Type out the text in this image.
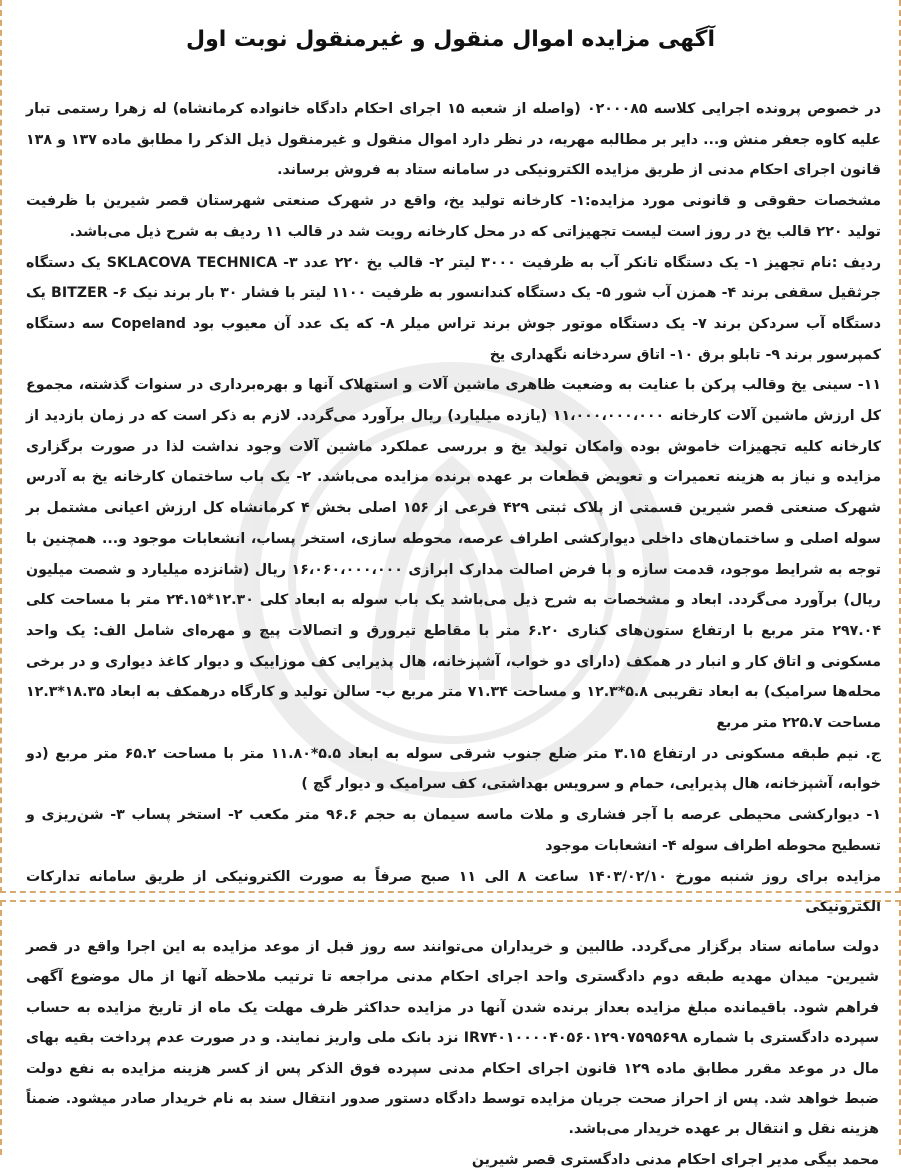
آگهی مزایده اموال منقول و غیرمنقول نوبت اول

در خصوص پرونده اجرایی کلاسه ۰۲۰۰۰۸۵ (واصله از شعبه ۱۵ اجرای احکام دادگاه خانواده کرمانشاه) له زهرا رستمی تبار علیه کاوه جعفر منش و... دایر بر مطالبه مهریه، در نظر دارد اموال منقول و غیرمنقول ذیل الذکر را مطابق ماده ۱۳۷ و ۱۳۸ قانون اجرای احکام مدنی از طریق مزایده الکترونیکی در سامانه ستاد به فروش برساند.

مشخصات حقوقی و قانونی مورد مزایده:۱- کارخانه تولید یخ، واقع در شهرک صنعتی شهرستان قصر شیرین با ظرفیت تولید ۲۲۰ قالب یخ در روز است لیست تجهیزاتی که در محل کارخانه رویت شد در قالب ۱۱ ردیف به شرح ذیل می‌باشد.

ردیف :نام تجهیز ۱- یک دستگاه تانکر آب به ظرفیت ۳۰۰۰ لیتر ۲- قالب یخ ۲۲۰ عدد ۳- SKLACOVA TECHNICA یک دستگاه جرثقیل سقفی برند ۴- همزن آب شور ۵- یک دستگاه کندانسور به ظرفیت ۱۱۰۰ لیتر با فشار ۳۰ بار برند نیک ۶- BITZER یک دستگاه آب سردکن برند ۷- یک دستگاه موتور جوش برند تراس میلر ۸- که یک عدد آن معیوب بود Copeland سه دستگاه کمپرسور برند ۹- تابلو برق ۱۰- اتاق سردخانه نگهداری یخ

۱۱- سینی یخ وقالب پرکن با عنایت به وضعیت ظاهری ماشین آلات و استهلاک آنها و بهره‌برداری در سنوات گذشته، مجموع کل ارزش ماشین آلات کارخانه ۱۱،۰۰۰،۰۰۰،۰۰۰ (یازده میلیارد) ریال برآورد می‌گردد. لازم به ذکر است که در زمان بازدید از کارخانه کلیه تجهیزات خاموش بوده وامکان تولید یخ و بررسی عملکرد ماشین آلات وجود نداشت لذا در صورت برگزاری مزایده و نیاز به هزینه تعمیرات و تعویض قطعات بر عهده برنده مزایده می‌باشد. ۲- یک باب ساختمان کارخانه یخ به آدرس شهرک صنعتی قصر شیرین قسمتی از پلاک ثبتی ۴۲۹ فرعی از ۱۵۶ اصلی بخش ۴ کرمانشاه کل ارزش اعیانی مشتمل بر سوله اصلی و ساختمان‌های داخلی دیوارکشی اطراف عرصه، محوطه سازی، استخر پساب، انشعابات موجود و... همچنین با توجه به شرایط موجود، قدمت سازه و با فرض اصالت مدارک ابرازی ۱۶،۰۶۰،۰۰۰،۰۰۰ ریال (شانزده میلیارد و شصت میلیون ریال) برآورد می‌گردد. ابعاد و مشخصات به شرح ذیل می‌باشد یک باب سوله به ابعاد کلی ۱۲.۳۰*۲۴.۱۵ متر با مساحت کلی ۲۹۷.۰۴ متر مربع با ارتفاع ستون‌های کناری ۶.۲۰ متر با مقاطع تیرورق و اتصالات پیچ و مهره‌ای شامل الف: یک واحد مسکونی و اتاق کار و انبار در همکف (دارای دو خواب، آشپزخانه، هال پذیرایی کف موزاییک و دیوار کاغذ دیواری و در برخی محله‌ها سرامیک) به ابعاد تقریبی ۵.۸*۱۲.۳ و مساحت ۷۱.۳۴ متر مربع ب- سالن تولید و کارگاه درهمکف به ابعاد ۱۸.۳۵*۱۲.۳ مساحت ۲۲۵.۷ متر مربع

ج. نیم طبقه مسکونی در ارتفاع ۳.۱۵ متر ضلع جنوب شرقی سوله به ابعاد ۵.۵*۱۱.۸۰ متر با مساحت ۶۵.۲ متر مربع (دو خوابه، آشپزخانه، هال پذیرایی، حمام و سرویس بهداشتی، کف سرامیک و دیوار گچ )

۱- دیوارکشی محیطی عرصه با آجر فشاری و ملات ماسه سیمان به حجم ۹۶.۶ متر مکعب ۲- استخر پساب ۳- شن‌ریزی و تسطیح محوطه اطراف سوله ۴- انشعابات موجود

مزایده برای روز شنبه مورخ ۱۴۰۳/۰۲/۱۰ ساعت ۸ الی ۱۱ صبح صرفاً به صورت الکترونیکی از طریق سامانه تدارکات الکترونیکی

دولت سامانه ستاد برگزار می‌گردد. طالبین و خریداران می‌توانند سه روز قبل از موعد مزایده به این اجرا واقع در قصر شیرین- میدان مهدیه طبقه دوم دادگستری واحد اجرای احکام مدنی مراجعه تا ترتیب ملاحظه آنها از مال موضوع آگهی فراهم شود. باقیمانده مبلغ مزایده بعداز برنده شدن آنها در مزایده حداکثر ظرف مهلت یک ماه از تاریخ مزایده به حساب سپرده دادگستری با شماره IR۷۴۰۱۰۰۰۰۴۰۵۶۰۱۲۹۰۷۵۹۵۶۹۸ نزد بانک ملی واریز نمایند. و در صورت عدم پرداخت بقیه بهای مال در موعد مقرر مطابق ماده ۱۲۹ قانون اجرای احکام مدنی سپرده فوق الذکر پس از کسر هزینه مزایده به نفع دولت ضبط خواهد شد. پس از احراز صحت جریان مزایده توسط دادگاه دستور صدور انتقال سند به نام خریدار صادر میشود. ضمناً هزینه نقل و انتقال بر عهده خریدار می‌باشد.

محمد بیگی مدیر اجرای احکام مدنی دادگستری قصر شیرین
